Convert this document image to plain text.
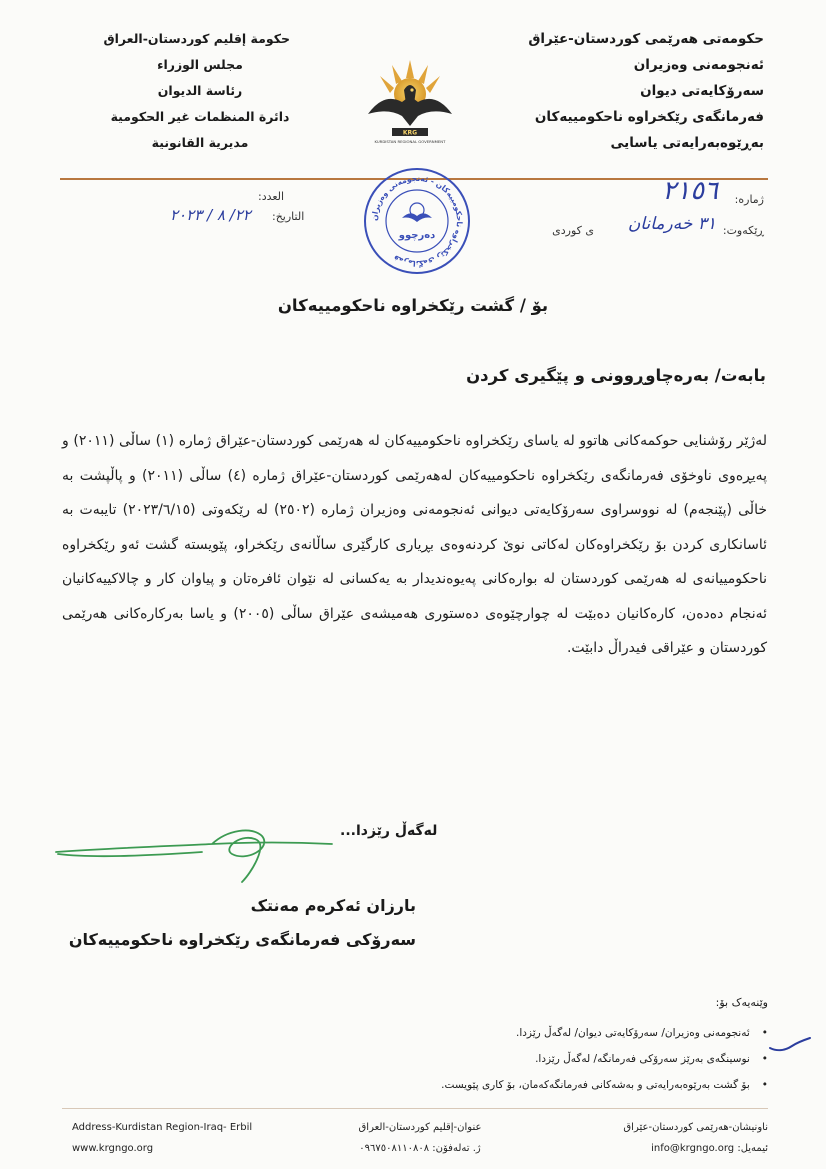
حکومەتی هەرێمی کوردستان-عێراق
ئەنجومەنی وەزیران
سەرۆکایەتی دیوان
فەرمانگەی رێکخراوە ناحکومییەکان
بەڕێوەبەرایەتی یاسایی
حكومة إقليم كوردستان-العراق
مجلس الوزراء
رئاسة الديوان
دائرة المنظمات غير الحكومية
مديرية القانونية
KRG
KURDISTAN REGIONAL GOVERNMENT
ژمارە:
٢١٥٦
ڕێکەوت:
٣١ خەرمانان
ی کوردی
العدد:
التاريخ:
٢٢/ ٨ / ٢٠٢٣	فەرمانگەی رێکخراوە ناحکومییەکان - ئەنجومەنی وەزیران
دەرچوو
بۆ / گشت رێکخراوە ناحکومییەکان
بابەت/ بەرەچاوڕوونی و پێگیری کردن
لەژێر رۆشنایی حوکمەکانی هاتوو لە یاسای رێکخراوە ناحکومییەکان لە هەرێمی کوردستان-عێراق ژمارە (١) ساڵی (٢٠١١) و پەیڕەوی ناوخۆی فەرمانگەی رێکخراوە ناحکومییەکان لەهەرێمی کوردستان-عێراق ژمارە (٤) ساڵی (٢٠١١) و پاڵپشت بە خاڵی (پێنجەم) لە نووسراوی سەرۆکایەتی دیوانی ئەنجومەنی وەزیران ژمارە (٢٥٠٢) لە رێکەوتی (٢٠٢٣/٦/١٥) تایبەت بە ئاسانکاری کردن بۆ رێکخراوەکان لەکاتی نوێ کردنەوەی بڕیاری کارگێری ساڵانەی رێکخراو، پێویستە گشت ئەو رێکخراوە ناحکومییانەی لە هەرێمی کوردستان لە بوارەکانی پەیوەندیدار بە یەکسانی لە نێوان ئافرەتان و پیاوان کار و چالاکییەکانیان ئەنجام دەدەن، کارەکانیان دەبێت لە چوارچێوەی دەستوری هەمیشەی عێراق ساڵی (٢٠٠٥) و یاسا بەرکارەکانی هەرێمی کوردستان و عێراقی فیدراڵ دابێت.
لەگەڵ رێزدا...
بارزان ئەکرەم مەنتک
سەرۆکی فەرمانگەی رێکخراوە ناحکومییەکان
وێنەیەک بۆ:
• ئەنجومەنی وەزیران/ سەرۆکایەتی دیوان/ لەگەڵ رێزدا.
• نوسینگەی بەرێز سەرۆکی فەرمانگە/ لەگەڵ رێزدا.
• بۆ گشت بەرێوەبەرایەتی و بەشەکانی فەرمانگەکەمان، بۆ کاری پێویست.
Address-Kurdistan Region-Iraq- Erbil
www.krgngo.org
عنوان-إقليم كوردستان-العراق
ژ. تەلەفۆن: ٠٩٦٧٥٠٨١١٠٨٠٨
ناونیشان-هەرێمی کوردستان-عێراق
ئیمەیل: info@krgngo.org
